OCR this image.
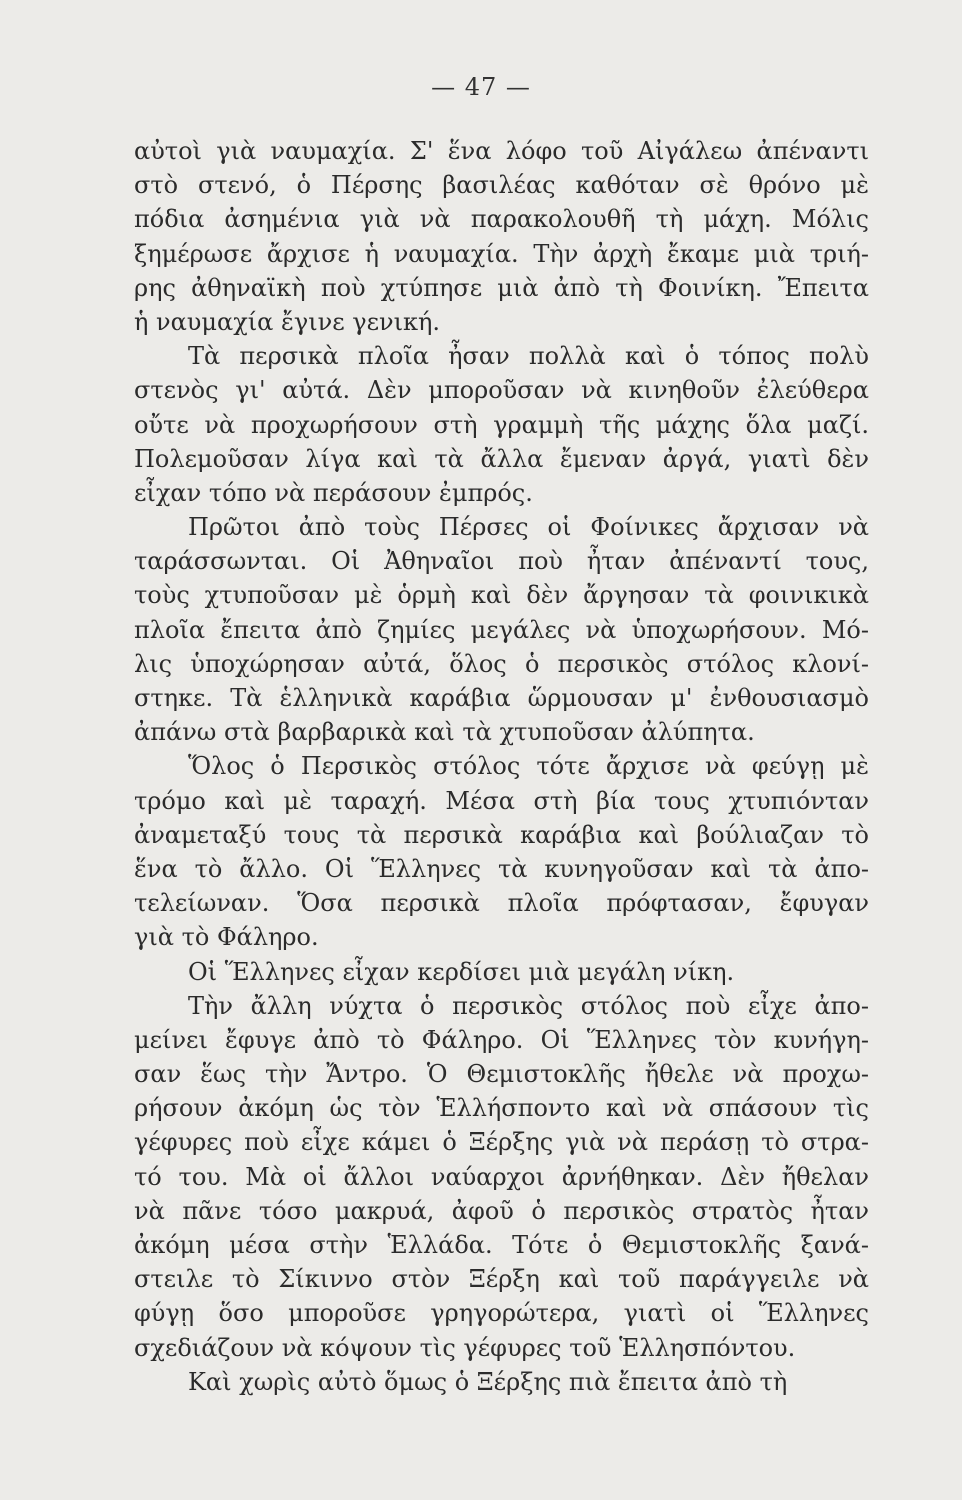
— 47 —
αὐτοὶ γιὰ ναυμαχία. Σ' ἕνα λόφο τοῦ Αἰγάλεω ἀπέναντι
στὸ στενό, ὁ Πέρσης βασιλέας καθόταν σὲ θρόνο μὲ
πόδια ἀσημένια γιὰ νὰ παρακολουθῆ τὴ μάχη. Μόλις
ξημέρωσε ἄρχισε ἡ ναυμαχία. Τὴν ἀρχὴ ἔκαμε μιὰ τριή-
ρης ἀθηναϊκὴ ποὺ χτύπησε μιὰ ἀπὸ τὴ Φοινίκη. Ἔπειτα
ἡ ναυμαχία ἔγινε γενική.
Τὰ περσικὰ πλοῖα ἦσαν πολλὰ καὶ ὁ τόπος πολὺ
στενὸς γι' αὐτά. Δὲν μποροῦσαν νὰ κινηθοῦν ἐλεύθερα
οὔτε νὰ προχωρήσουν στὴ γραμμὴ τῆς μάχης ὅλα μαζί.
Πολεμοῦσαν λίγα καὶ τὰ ἄλλα ἔμεναν ἀργά, γιατὶ δὲν
εἶχαν τόπο νὰ περάσουν ἐμπρός.
Πρῶτοι ἀπὸ τοὺς Πέρσες οἱ Φοίνικες ἄρχισαν νὰ
ταράσσωνται. Οἱ Ἀθηναῖοι ποὺ ἦταν ἀπέναντί τους,
τοὺς χτυποῦσαν μὲ ὁρμὴ καὶ δὲν ἄργησαν τὰ φοινικικὰ
πλοῖα ἔπειτα ἀπὸ ζημίες μεγάλες νὰ ὑποχωρήσουν. Μό-
λις ὑποχώρησαν αὐτά, ὅλος ὁ περσικὸς στόλος κλονί-
στηκε. Τὰ ἑλληνικὰ καράβια ὥρμουσαν μ' ἐνθουσιασμὸ
ἀπάνω στὰ βαρβαρικὰ καὶ τὰ χτυποῦσαν ἀλύπητα.
Ὅλος ὁ Περσικὸς στόλος τότε ἄρχισε νὰ φεύγῃ μὲ
τρόμο καὶ μὲ ταραχή. Μέσα στὴ βία τους χτυπιόνταν
ἀναμεταξύ τους τὰ περσικὰ καράβια καὶ βούλιαζαν τὸ
ἕνα τὸ ἄλλο. Οἱ Ἕλληνες τὰ κυνηγοῦσαν καὶ τὰ ἀπο-
τελείωναν. Ὅσα περσικὰ πλοῖα πρόφτασαν, ἔφυγαν
γιὰ τὸ Φάληρο.
Οἱ Ἕλληνες εἶχαν κερδίσει μιὰ μεγάλη νίκη.
Τὴν ἄλλη νύχτα ὁ περσικὸς στόλος ποὺ εἶχε ἀπο-
μείνει ἔφυγε ἀπὸ τὸ Φάληρο. Οἱ Ἕλληνες τὸν κυνήγη-
σαν ἕως τὴν Ἄντρο. Ὁ Θεμιστοκλῆς ἤθελε νὰ προχω-
ρήσουν ἀκόμη ὡς τὸν Ἑλλήσποντο καὶ νὰ σπάσουν τὶς
γέφυρες ποὺ εἶχε κάμει ὁ Ξέρξης γιὰ νὰ περάσῃ τὸ στρα-
τό του. Μὰ οἱ ἄλλοι ναύαρχοι ἀρνήθηκαν. Δὲν ἤθελαν
νὰ πᾶνε τόσο μακρυά, ἀφοῦ ὁ περσικὸς στρατὸς ἦταν
ἀκόμη μέσα στὴν Ἑλλάδα. Τότε ὁ Θεμιστοκλῆς ξανά-
στειλε τὸ Σίκιννο στὸν Ξέρξη καὶ τοῦ παράγγειλε νὰ
φύγῃ ὅσο μποροῦσε γρηγορώτερα, γιατὶ οἱ Ἕλληνες
σχεδιάζουν νὰ κόψουν τὶς γέφυρες τοῦ Ἑλλησπόντου.
Καὶ χωρὶς αὐτὸ ὅμως ὁ Ξέρξης πιὰ ἔπειτα ἀπὸ τὴ
